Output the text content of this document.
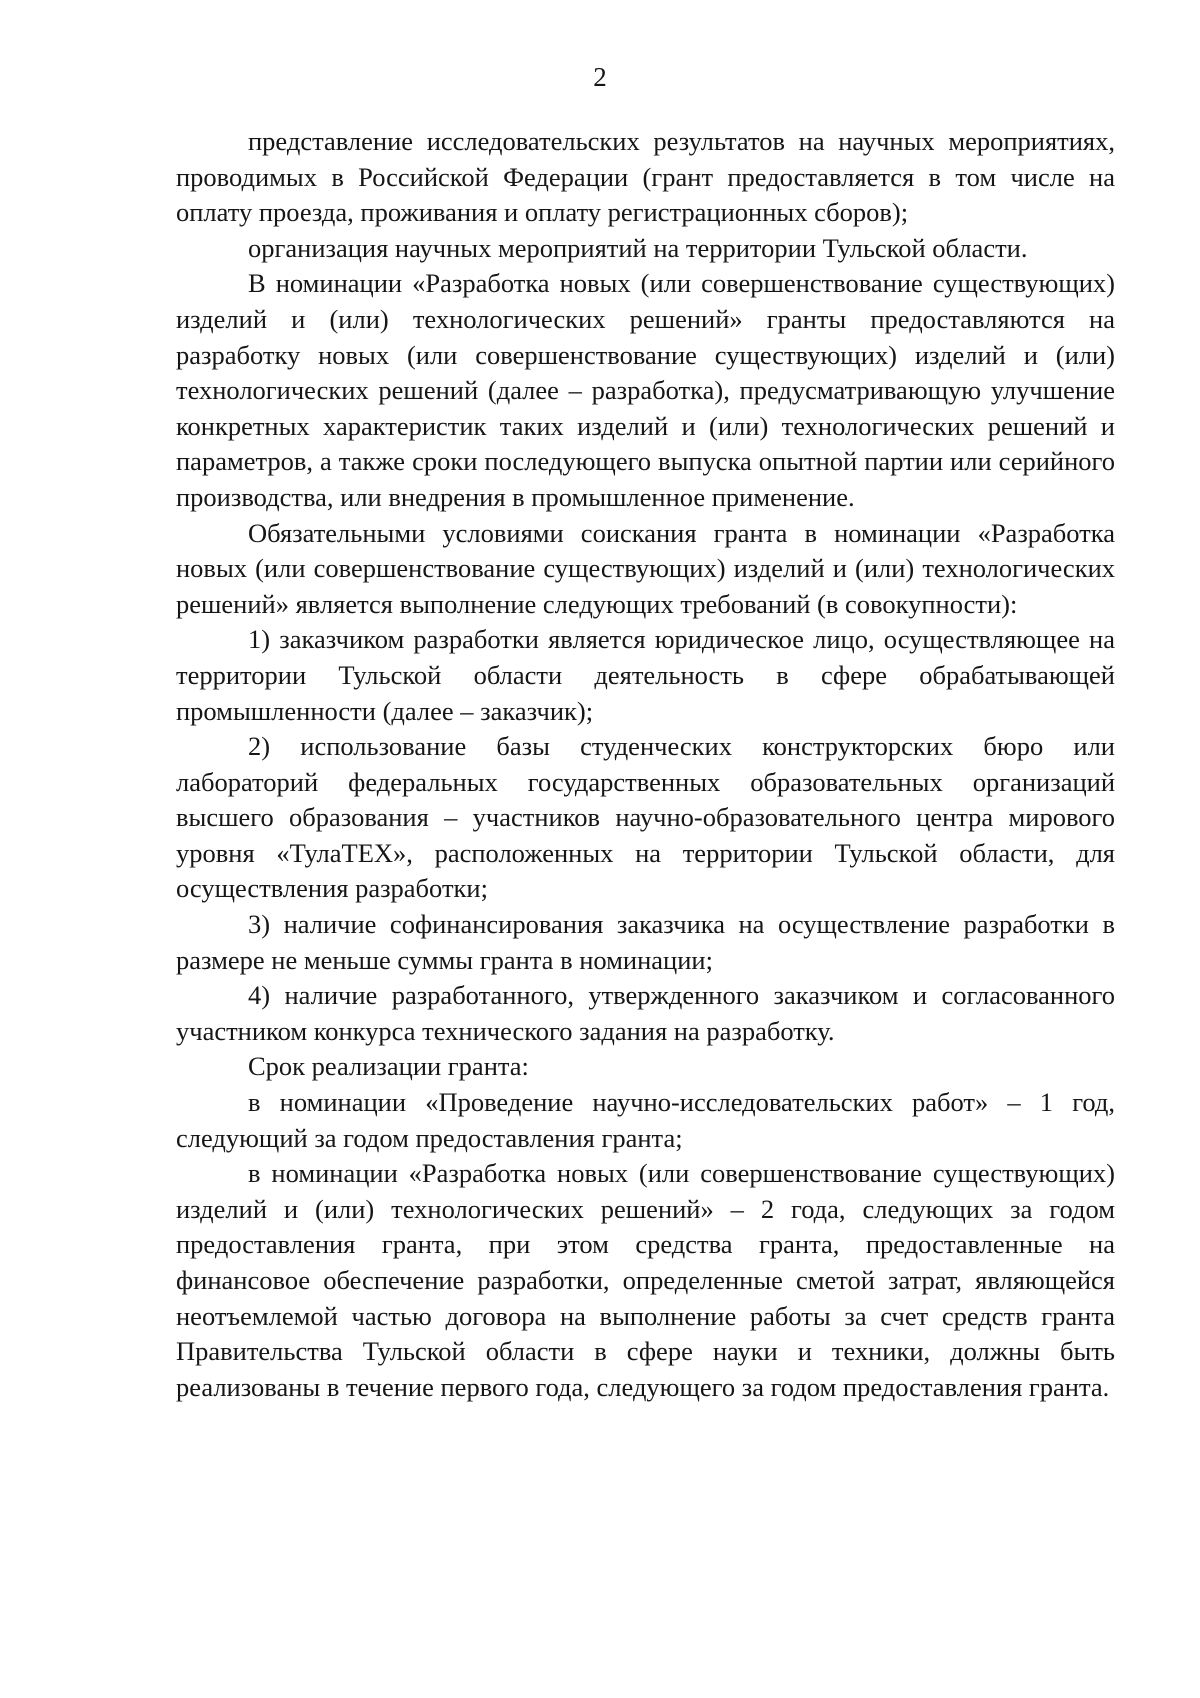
2

представление исследовательских результатов на научных мероприятиях, проводимых в Российской Федерации (грант предоставляется в том числе на оплату проезда, проживания и оплату регистрационных сборов);

организация научных мероприятий на территории Тульской области.

В номинации «Разработка новых (или совершенствование существующих) изделий и (или) технологических решений» гранты предоставляются на разработку новых (или совершенствование существующих) изделий и (или) технологических решений (далее – разработка), предусматривающую улучшение конкретных характеристик таких изделий и (или) технологических решений и параметров, а также сроки последующего выпуска опытной партии или серийного производства, или внедрения в промышленное применение.

Обязательными условиями соискания гранта в номинации «Разработка новых (или совершенствование существующих) изделий и (или) технологических решений» является выполнение следующих требований (в совокупности):

1) заказчиком разработки является юридическое лицо, осуществляющее на территории Тульской области деятельность в сфере обрабатывающей промышленности (далее – заказчик);

2) использование базы студенческих конструкторских бюро или лабораторий федеральных государственных образовательных организаций высшего образования – участников научно-образовательного центра мирового уровня «ТулаТЕХ», расположенных на территории Тульской области, для осуществления разработки;

3) наличие софинансирования заказчика на осуществление разработки в размере не меньше суммы гранта в номинации;

4) наличие разработанного, утвержденного заказчиком и согласованного участником конкурса технического задания на разработку.

Срок реализации гранта:

в номинации «Проведение научно-исследовательских работ» – 1 год, следующий за годом предоставления гранта;

в номинации «Разработка новых (или совершенствование существующих) изделий и (или) технологических решений» – 2 года, следующих за годом предоставления гранта, при этом средства гранта, предоставленные на финансовое обеспечение разработки, определенные сметой затрат, являющейся неотъемлемой частью договора на выполнение работы за счет средств гранта Правительства Тульской области в сфере науки и техники, должны быть реализованы в течение первого года, следующего за годом предоставления гранта.
